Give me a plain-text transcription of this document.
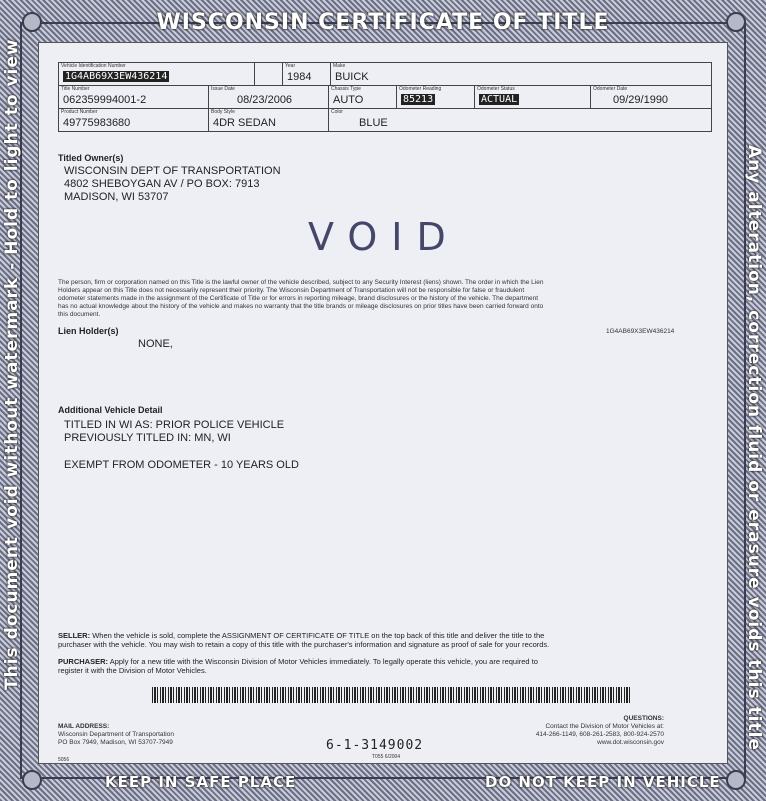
WISCONSIN CERTIFICATE OF TITLE
KEEP IN SAFE PLACE	DO NOT KEEP IN VEHICLE
This document void without watermark - Hold to light to view	Any alteration, correction fluid or erasure voids this title
Vehicle Identification Number
1G4AB69X3EW436214
Year
1984
Make
BUICK
Title Number
062359994001-2
Issue Date
08/23/2006
Chassis Type
AUTO
Odometer Reading
85213
Odometer Status
ACTUAL
Odometer Date
09/29/1990
Product Number
49775983680
Body Style
4DR SEDAN
Color
BLUE
Titled Owner(s)
WISCONSIN DEPT OF TRANSPORTATION
4802 SHEBOYGAN AV / PO BOX: 7913
MADISON, WI 53707
VOID
The person, firm or corporation named on this Title is the lawful owner of the vehicle described, subject to any Security Interest (liens) shown. The order in which the Lien
Holders appear on this Title does not necessarily represent their priority. The Wisconsin Department of Transportation will not be responsible for false or fraudulent
odometer statements made in the assignment of the Certificate of Title or for errors in reporting mileage, brand disclosures or the history of the vehicle. The department
has no actual knowledge about the history of the vehicle and makes no warranty that the title brands or mileage disclosures on prior titles have been carried forward onto
this document.
Lien Holder(s)
NONE,
1G4AB69X3EW436214
Additional Vehicle Detail
TITLED IN WI AS: PRIOR POLICE VEHICLE
PREVIOUSLY TITLED IN: MN, WI
EXEMPT FROM ODOMETER - 10 YEARS OLD
SELLER: When the vehicle is sold, complete the ASSIGNMENT OF CERTIFICATE OF TITLE on the top back of this title and deliver the title to the
purchaser with the vehicle. You may wish to retain a copy of this title with the purchaser's information and signature as proof of sale for your records.
PURCHASER: Apply for a new title with the Wisconsin Division of Motor Vehicles immediately. To legally operate this vehicle, you are required to
register it with the Division of Motor Vehicles.
MAIL ADDRESS:
Wisconsin Department of Transportation
PO Box 7949, Madison, WI 53707-7949
5056
QUESTIONS:
Contact the Division of Motor Vehicles at:
414-266-1149, 608-261-2583, 800-924-2570
www.dot.wisconsin.gov
6-1-3149002
T055 6/2004
